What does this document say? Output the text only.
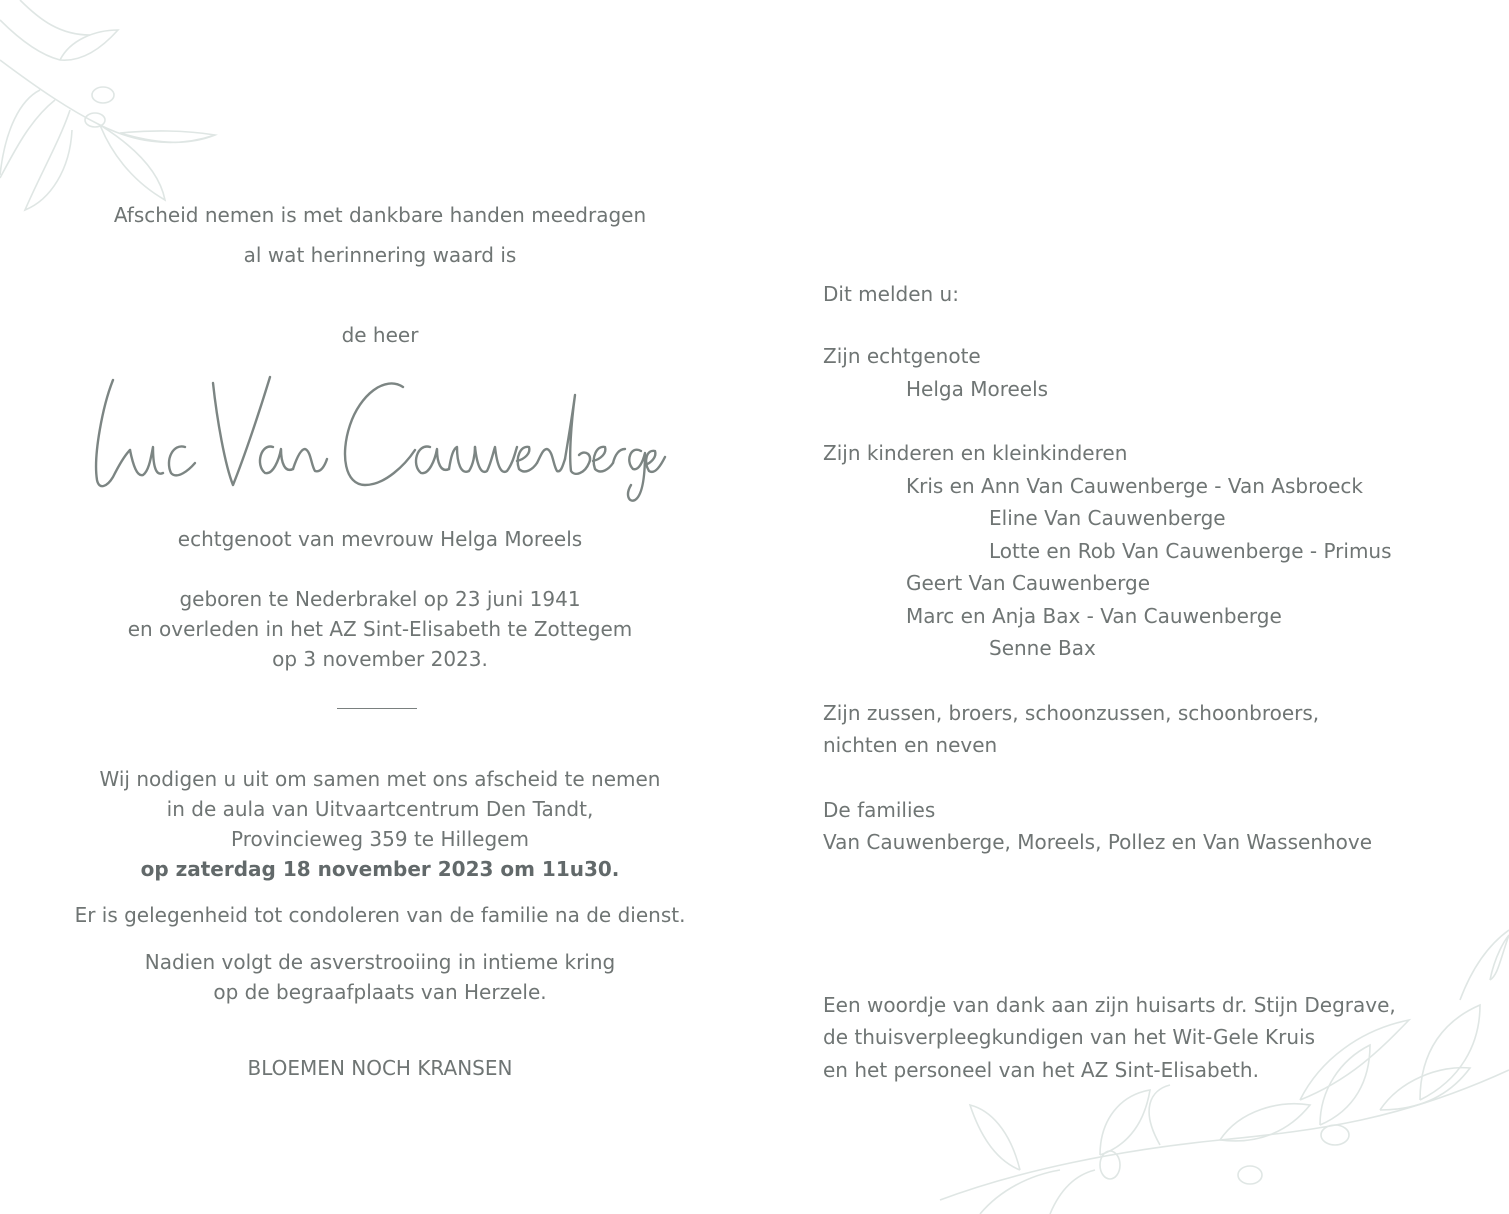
Afscheid nemen is met dankbare handen meedragen
al wat herinnering waard is
de heer
echtgenoot van mevrouw Helga Moreels
geboren te Nederbrakel op 23 juni 1941
en overleden in het AZ Sint-Elisabeth te Zottegem
op 3 november 2023.
Wij nodigen u uit om samen met ons afscheid te nemen
in de aula van Uitvaartcentrum Den Tandt,
Provincieweg 359 te Hillegem
op zaterdag 18 november 2023 om 11u30.
Er is gelegenheid tot condoleren van de familie na de dienst.
Nadien volgt de asverstrooiing in intieme kring
op de begraafplaats van Herzele.
BLOEMEN NOCH KRANSEN
Dit melden u:
Zijn echtgenote
Helga Moreels
Zijn kinderen en kleinkinderen
Kris en Ann Van Cauwenberge - Van Asbroeck
Eline Van Cauwenberge
Lotte en Rob Van Cauwenberge - Primus
Geert Van Cauwenberge
Marc en Anja Bax - Van Cauwenberge
Senne Bax
Zijn zussen, broers, schoonzussen, schoonbroers,
nichten en neven
De families
Van Cauwenberge, Moreels, Pollez en Van Wassenhove
Een woordje van dank aan zijn huisarts dr. Stijn Degrave,
de thuisverpleegkundigen van het Wit-Gele Kruis
en het personeel van het AZ Sint-Elisabeth.
